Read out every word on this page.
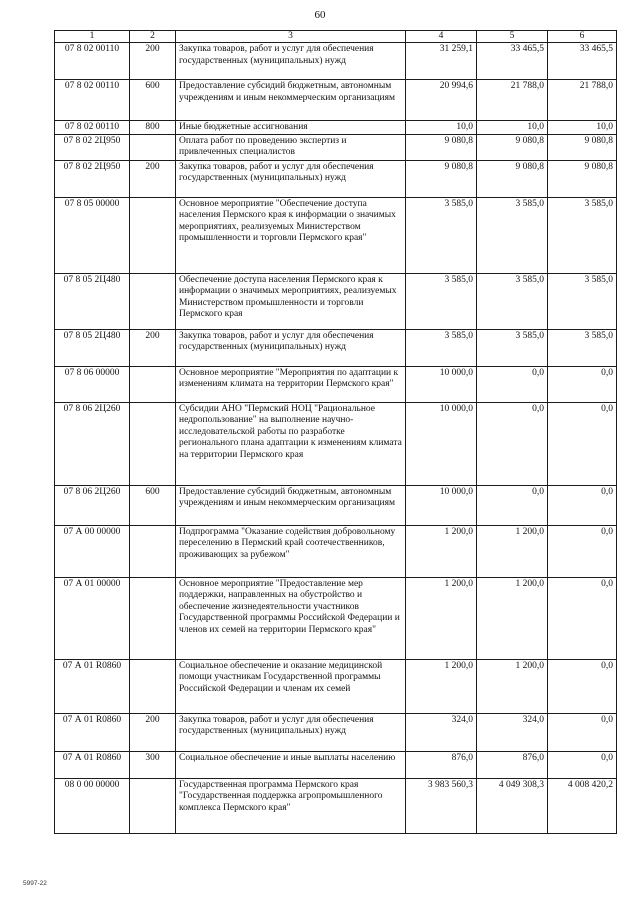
60
1	2	3	4	5	6
07 8 02 00110	200	Закупка товаров, работ и услуг для обеспечения государственных (муниципальных) нужд	31 259,1	33 465,5	33 465,5
07 8 02 00110	600	Предоставление субсидий бюджетным, автономным учреждениям и иным некоммерческим организациям	20 994,6	21 788,0	21 788,0
07 8 02 00110	800	Иные бюджетные ассигнования	10,0	10,0	10,0
07 8 02 2Ц950		Оплата работ по проведению экспертиз и привлеченных специалистов	9 080,8	9 080,8	9 080,8
07 8 02 2Ц950	200	Закупка товаров, работ и услуг для обеспечения государственных (муниципальных) нужд	9 080,8	9 080,8	9 080,8
07 8 05 00000		Основное мероприятие "Обеспечение доступа населения Пермского края к информации о значимых мероприятиях, реализуемых Министерством промышленности и торговли Пермского края"	3 585,0	3 585,0	3 585,0
07 8 05 2Ц480		Обеспечение доступа населения Пермского края к информации о значимых мероприятиях, реализуемых Министерством промышленности и торговли Пермского края	3 585,0	3 585,0	3 585,0
07 8 05 2Ц480	200	Закупка товаров, работ и услуг для обеспечения государственных (муниципальных) нужд	3 585,0	3 585,0	3 585,0
07 8 06 00000		Основное мероприятие "Мероприятия по адаптации к изменениям климата на территории Пермского края"	10 000,0	0,0	0,0
07 8 06 2Ц260		Субсидии АНО "Пермский НОЦ "Рациональное недропользование" на выполнение научно-исследовательской работы по разработке регионального плана адаптации к изменениям климата на территории Пермского края	10 000,0	0,0	0,0
07 8 06 2Ц260	600	Предоставление субсидий бюджетным, автономным учреждениям и иным некоммерческим организациям	10 000,0	0,0	0,0
07 А 00 00000		Подпрограмма "Оказание содействия добровольному переселению в Пермский край соотечественников, проживающих за рубежом"	1 200,0	1 200,0	0,0
07 А 01 00000		Основное мероприятие "Предоставление мер поддержки, направленных на обустройство и обеспечение жизнедеятельности участников Государственной программы Российской Федерации и членов их семей на территории Пермского края"	1 200,0	1 200,0	0,0
07 А 01 R0860		Социальное обеспечение и оказание медицинской помощи участникам Государственной программы Российской Федерации и членам их семей	1 200,0	1 200,0	0,0
07 А 01 R0860	200	Закупка товаров, работ и услуг для обеспечения государственных (муниципальных) нужд	324,0	324,0	0,0
07 А 01 R0860	300	Социальное обеспечение и иные выплаты населению	876,0	876,0	0,0
08 0 00 00000		Государственная программа Пермского края "Государственная поддержка агропромышленного комплекса Пермского края"	3 983 560,3	4 049 308,3	4 008 420,2
5997-22
